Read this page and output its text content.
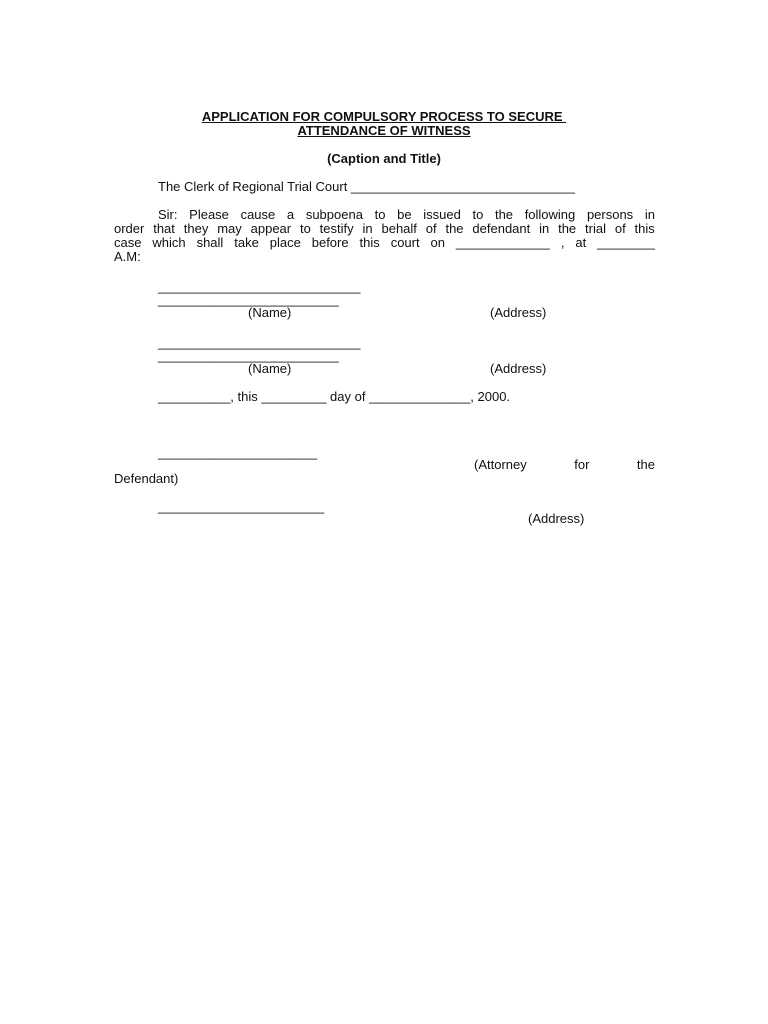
APPLICATION FOR COMPULSORY PROCESS TO SECURE
ATTENDANCE OF WITNESS
(Caption and Title)
The Clerk of Regional Trial Court _______________________________
Sir: Please cause a subpoena to be issued to the following persons in
order that they may appear to testify in behalf of the defendant in the trial of this
case which shall take place before this court on _____________ , at ________
A.M:
____________________________
_________________________
(Name)	(Address)
____________________________
_________________________
(Name)	(Address)
__________, this _________ day of ______________, 2000.
______________________
(Attorney	for	the
Defendant)
_______________________
(Address)
